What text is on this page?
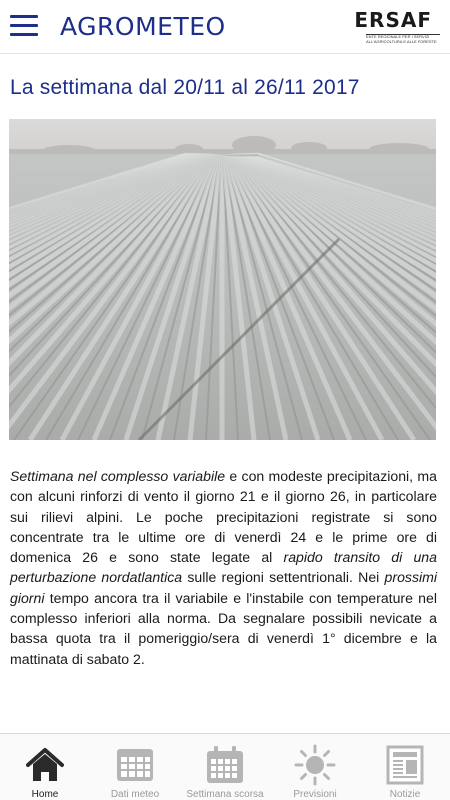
AGROMETEO	ERSAF
ENTE REGIONALE PER I SERVIZI
ALL'AGRICOLTURA E ALLE FORESTE
La settimana dal 20/11 al 26/11 2017

Settimana nel complesso variabile e con modeste precipitazioni, ma con alcuni rinforzi di vento il giorno 21 e il giorno 26, in particolare sui rilievi alpini. Le poche precipitazioni registrate si sono concentrate tra le ultime ore di venerdì 24 e le prime ore di domenica 26 e sono state legate al rapido transito di una perturbazione nordatlantica sulle regioni settentrionali. Nei prossimi giorni tempo ancora tra il variabile e l'instabile con temperature nel complesso inferiori alla norma. Da segnalare possibili nevicate a bassa quota tra il pomeriggio/sera di venerdì 1° dicembre e la mattinata di sabato 2.

Home	Dati meteo	Settimana scorsa	Previsioni	Notizie
